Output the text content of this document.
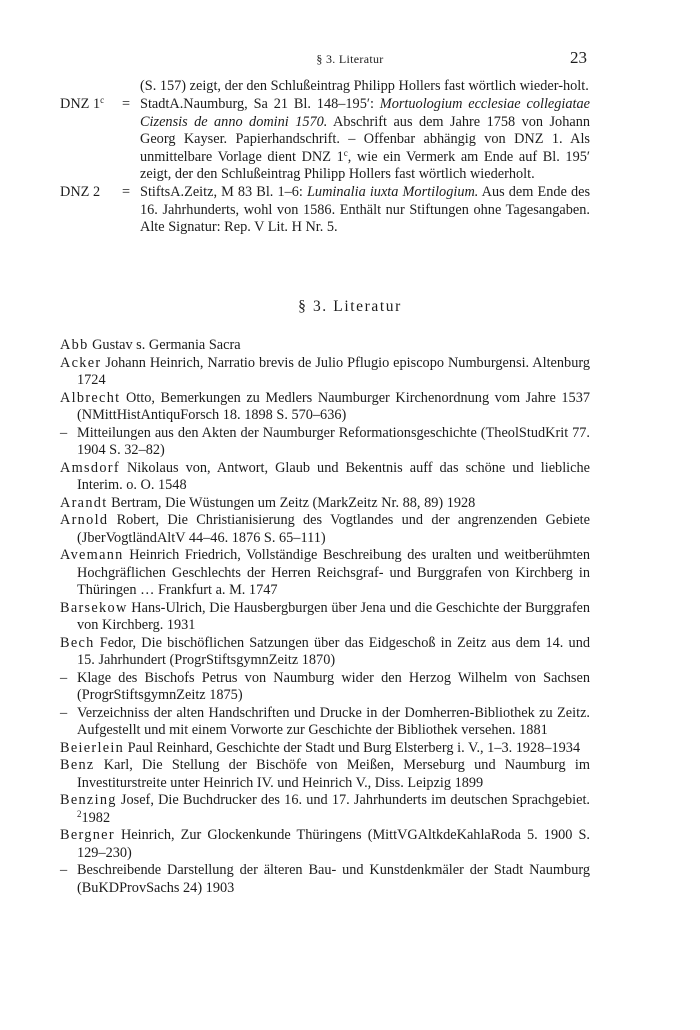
§ 3. Literatur	23
(S. 157) zeigt, der den Schlußeintrag Philipp Hollers fast wörtlich wieder-holt.
DNZ $1^c$	= StadtA.Naumburg, Sa 21 Bl. 148–195′: Mortuologium ecclesiae collegiatae Cizensis de anno domini 1570. Abschrift aus dem Jahre 1758 von Johann Georg Kayser. Papierhandschrift. – Offenbar abhängig von DNZ 1. Als unmittelbare Vorlage dient DNZ 1$^c$, wie ein Vermerk am Ende auf Bl. 195′ zeigt, der den Schlußeintrag Philipp Hollers fast wörtlich wiederholt.
DNZ 2	= StiftsA.Zeitz, M 83 Bl. 1–6: Luminalia iuxta Mortilogium. Aus dem Ende des 16. Jahrhunderts, wohl von 1586. Enthält nur Stiftungen ohne Tagesangaben. Alte Signatur: Rep. V Lit. H Nr. 5.
§ 3. Literatur

Abb Gustav s. Germania Sacra

Acker Johann Heinrich, Narratio brevis de Julio Pflugio episcopo Numburgensi. Altenburg 1724

Albrecht Otto, Bemerkungen zu Medlers Naumburger Kirchenordnung vom Jahre 1537 (NMittHistAntiquForsch 18. 1898 S. 570–636)

– Mitteilungen aus den Akten der Naumburger Reformationsgeschichte (TheolStudKrit 77. 1904 S. 32–82)

Amsdorf Nikolaus von, Antwort, Glaub und Bekentnis auff das schöne und liebliche Interim. o. O. 1548

Arandt Bertram, Die Wüstungen um Zeitz (MarkZeitz Nr. 88, 89) 1928

Arnold Robert, Die Christianisierung des Vogtlandes und der angrenzenden Gebiete (JberVogtländAltV 44–46. 1876 S. 65–111)

Avemann Heinrich Friedrich, Vollständige Beschreibung des uralten und weitberühmten Hochgräflichen Geschlechts der Herren Reichsgraf- und Burggrafen von Kirchberg in Thüringen … Frankfurt a. M. 1747

Barsekow Hans-Ulrich, Die Hausbergburgen über Jena und die Geschichte der Burggrafen von Kirchberg. 1931

Bech Fedor, Die bischöflichen Satzungen über das Eidgeschoß in Zeitz aus dem 14. und 15. Jahrhundert (ProgrStiftsgymnZeitz 1870)

– Klage des Bischofs Petrus von Naumburg wider den Herzog Wilhelm von Sachsen (ProgrStiftsgymnZeitz 1875)

– Verzeichniss der alten Handschriften und Drucke in der Domherren-Bibliothek zu Zeitz. Aufgestellt und mit einem Vorworte zur Geschichte der Bibliothek versehen. 1881

Beierlein Paul Reinhard, Geschichte der Stadt und Burg Elsterberg i. V., 1–3. 1928–1934

Benz Karl, Die Stellung der Bischöfe von Meißen, Merseburg und Naumburg im Investiturstreite unter Heinrich IV. und Heinrich V., Diss. Leipzig 1899

Benzing Josef, Die Buchdrucker des 16. und 17. Jahrhunderts im deutschen Sprachgebiet. $^2$1982

Bergner Heinrich, Zur Glockenkunde Thüringens (MittVGAltkdeKahlaRoda 5. 1900 S. 129–230)

– Beschreibende Darstellung der älteren Bau- und Kunstdenkmäler der Stadt Naumburg (BuKDProvSachs 24) 1903
